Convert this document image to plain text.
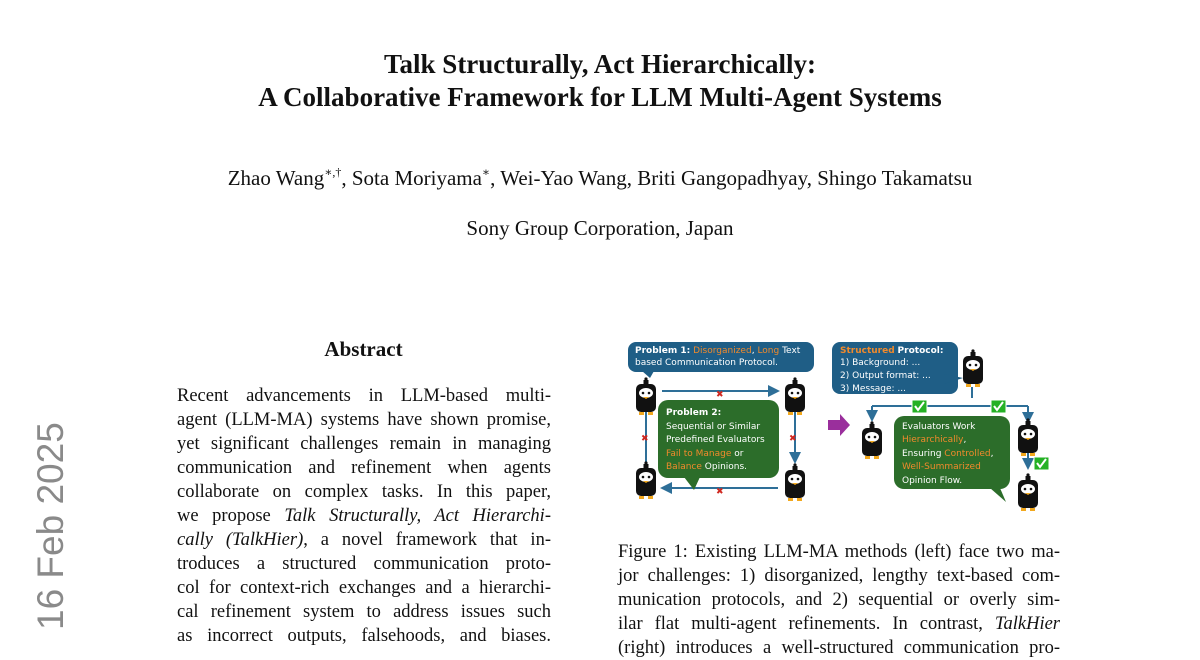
Talk Structurally, Act Hierarchically:
A Collaborative Framework for LLM Multi-Agent Systems
Zhao Wang∗,†, Sota Moriyama∗, Wei-Yao Wang, Briti Gangopadhyay, Shingo Takamatsu
Sony Group Corporation, Japan
16 Feb 2025
Abstract
Recent advancements in LLM-based multi-
agent (LLM-MA) systems have shown promise,
yet significant challenges remain in managing
communication and refinement when agents
collaborate on complex tasks. In this paper,
we propose Talk Structurally, Act Hierarchi-
cally (TalkHier), a novel framework that in-
troduces a structured communication proto-
col for context-rich exchanges and a hierarchi-
cal refinement system to address issues such
as incorrect outputs, falsehoods, and biases.
Problem 1: Disorganized, Long Text
based Communication Protocol.
✖
✖	✖
✖
Problem 2:
Sequential or Similar
Predefined Evaluators
Fail to Manage or
Balance Opinions.
Structured Protocol:
1) Background: ...
2) Output format: ...
3) Message: ...
Evaluators Work
Hierarchically,
Ensuring Controlled,
Well-Summarized
Opinion Flow.
Figure 1: Existing LLM-MA methods (left) face two ma-
jor challenges: 1) disorganized, lengthy text-based com-
munication protocols, and 2) sequential or overly sim-
ilar flat multi-agent refinements. In contrast, TalkHier
(right) introduces a well-structured communication pro-
